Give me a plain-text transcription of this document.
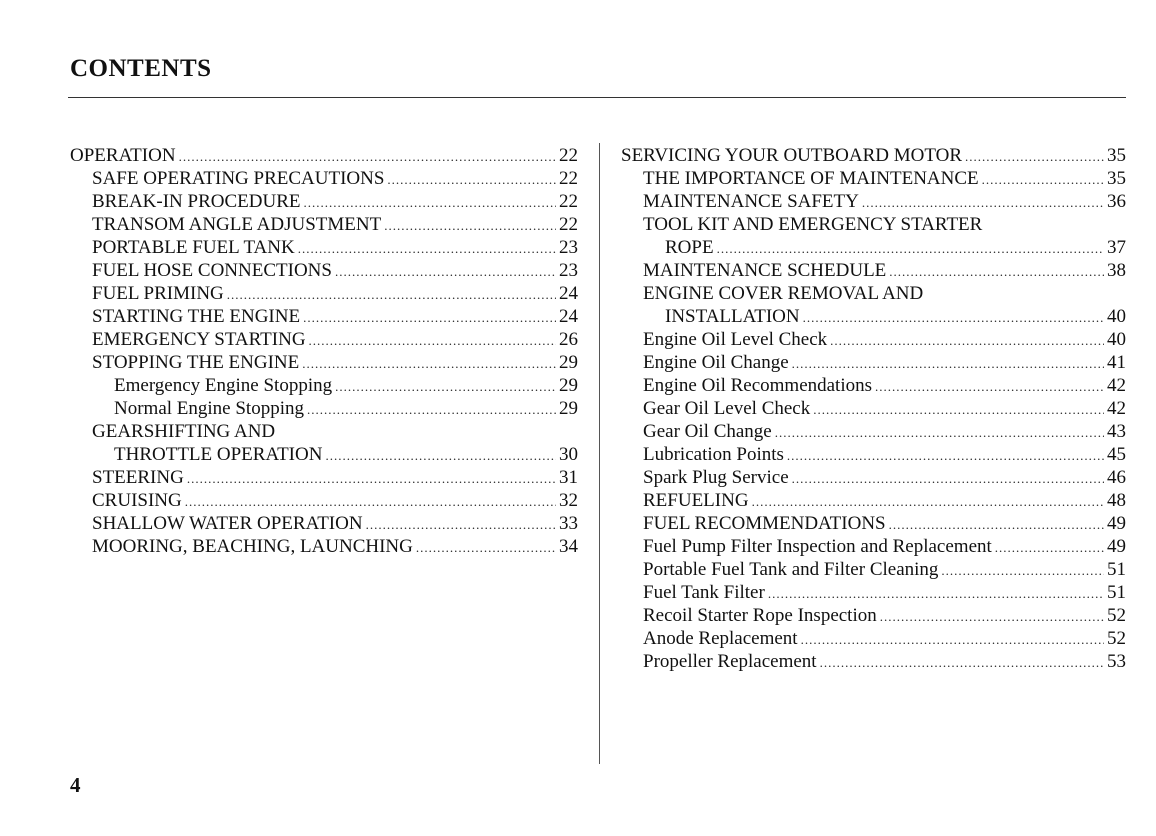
CONTENTS
OPERATION .....	22
SAFE OPERATING PRECAUTIONS .....	22
BREAK-IN PROCEDURE .....	22
TRANSOM ANGLE ADJUSTMENT .....	22
PORTABLE FUEL TANK .....	23
FUEL HOSE CONNECTIONS .....	23
FUEL PRIMING .....	24
STARTING THE ENGINE .....	24
EMERGENCY STARTING .....	26
STOPPING THE ENGINE .....	29
Emergency Engine Stopping .....	29
Normal Engine Stopping .....	29
GEARSHIFTING AND
THROTTLE OPERATION .....	30
STEERING .....	31
CRUISING .....	32
SHALLOW WATER OPERATION .....	33
MOORING, BEACHING, LAUNCHING .....	34
SERVICING YOUR OUTBOARD MOTOR .....	35
THE IMPORTANCE OF MAINTENANCE .....	35
MAINTENANCE SAFETY .....	36
TOOL KIT AND EMERGENCY STARTER
ROPE .....	37
MAINTENANCE SCHEDULE .....	38
ENGINE COVER REMOVAL AND
INSTALLATION .....	40
Engine Oil Level Check .....	40
Engine Oil Change .....	41
Engine Oil Recommendations .....	42
Gear Oil Level Check .....	42
Gear Oil Change .....	43
Lubrication Points .....	45
Spark Plug Service .....	46
REFUELING .....	48
FUEL RECOMMENDATIONS .....	49
Fuel Pump Filter Inspection and Replacement .....	49
Portable Fuel Tank and Filter Cleaning .....	51
Fuel Tank Filter .....	51
Recoil Starter Rope Inspection .....	52
Anode Replacement .....	52
Propeller Replacement .....	53
4
